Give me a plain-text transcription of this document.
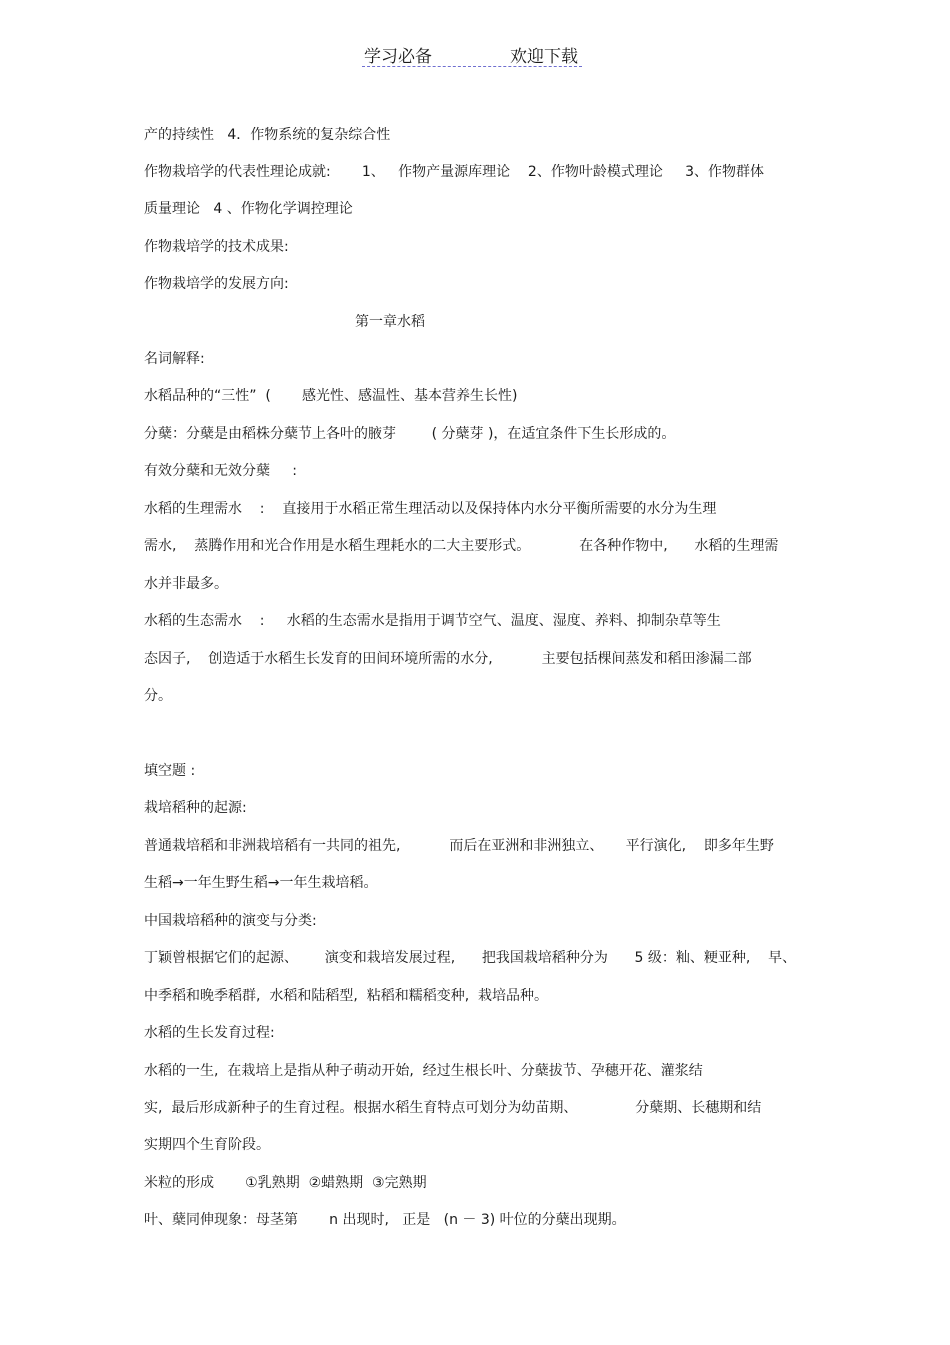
学习必备	欢迎下载

产的持续性   4．作物系统的复杂综合性

作物栽培学的代表性理论成就:       1、   作物产量源库理论    2、作物叶龄模式理论     3、作物群体

质量理论   4 、作物化学调控理论

作物栽培学的技术成果:

作物栽培学的发展方向:

第一章水稻

名词解释:

水稻品种的“三性”  (       感光性、感温性、基本营养生长性)

分蘖：分蘖是由稻株分蘖节上各叶的腋芽        ( 分蘖芽 )，在适宜条件下生长形成的。

有效分蘖和无效分蘖     :

水稻的生理需水    :    直接用于水稻正常生理活动以及保持体内水分平衡所需要的水分为生理

需水,    蒸腾作用和光合作用是水稻生理耗水的二大主要形式。           在各种作物中,      水稻的生理需

水并非最多。

水稻的生态需水    :     水稻的生态需水是指用于调节空气、温度、湿度、养料、抑制杂草等生

态因子,    创造适于水稻生长发育的田间环境所需的水分,           主要包括棵间蒸发和稻田渗漏二部

分。

填空题 :

栽培稻种的起源:

普通栽培稻和非洲栽培稻有一共同的祖先,           而后在亚洲和非洲独立、     平行演化,    即多年生野

生稻→一年生野生稻→一年生栽培稻。

中国栽培稻种的演变与分类:

丁颖曾根据它们的起源、      演变和栽培发展过程,      把我国栽培稻种分为      5 级：籼、粳亚种,    早、

中季稻和晚季稻群,  水稻和陆稻型,  粘稻和糯稻变种,  栽培品种。

水稻的生长发育过程:

水稻的一生,  在栽培上是指从种子萌动开始,  经过生根长叶、分蘖拔节、孕穗开花、灌浆结

实,  最后形成新种子的生育过程。根据水稻生育特点可划分为幼苗期、             分蘖期、长穗期和结

实期四个生育阶段。

米粒的形成       ①乳熟期  ②蜡熟期  ③完熟期

叶、蘖同伸现象：母茎第       n 出现时,   正是   (n － 3) 叶位的分蘖出现期。
